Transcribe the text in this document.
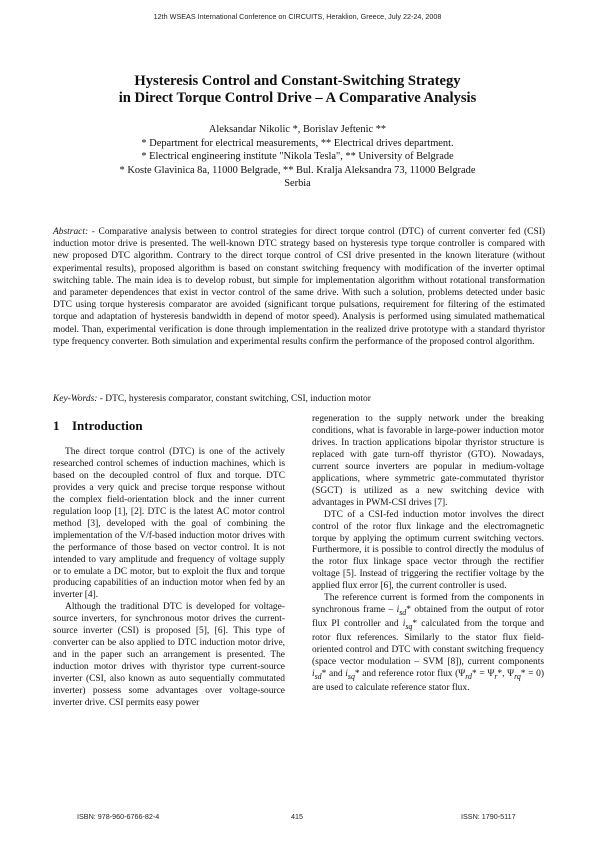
12th WSEAS International Conference on CIRCUITS, Heraklion, Greece, July 22-24, 2008
Hysteresis Control and Constant-Switching Strategy
in Direct Torque Control Drive – A Comparative Analysis
Aleksandar Nikolic *, Borislav Jeftenic **
* Department for electrical measurements, ** Electrical drives department.
* Electrical engineering institute "Nikola Tesla", ** University of Belgrade
* Koste Glavinica 8a, 11000 Belgrade, ** Bul. Kralja Aleksandra 73, 11000 Belgrade
Serbia
Abstract: - Comparative analysis between to control strategies for direct torque control (DTC) of current converter fed (CSI) induction motor drive is presented. The well-known DTC strategy based on hysteresis type torque controller is compared with new proposed DTC algorithm. Contrary to the direct torque control of CSI drive presented in the known literature (without experimental results), proposed algorithm is based on constant switching frequency with modification of the inverter optimal switching table. The main idea is to develop robust, but simple for implementation algorithm without rotational transformation and parameter dependences that exist in vector control of the same drive. With such a solution, problems detected under basic DTC using torque hysteresis comparator are avoided (significant torque pulsations, requirement for filtering of the estimated torque and adaptation of hysteresis bandwidth in depend of motor speed). Analysis is performed using simulated mathematical model. Than, experimental verification is done through implementation in the realized drive prototype with a standard thyristor type frequency converter. Both simulation and experimental results confirm the performance of the proposed control algorithm.
Key-Words: - DTC, hysteresis comparator, constant switching, CSI, induction motor
1 Introduction

The direct torque control (DTC) is one of the actively researched control schemes of induction machines, which is based on the decoupled control of flux and torque. DTC provides a very quick and precise torque response without the complex field-orientation block and the inner current regulation loop [1], [2]. DTC is the latest AC motor control method [3], developed with the goal of combining the implementation of the V/f-based induction motor drives with the performance of those based on vector control. It is not intended to vary amplitude and frequency of voltage supply or to emulate a DC motor, but to exploit the flux and torque producing capabilities of an induction motor when fed by an inverter [4].

Although the traditional DTC is developed for voltage-source inverters, for synchronous motor drives the current-source inverter (CSI) is proposed [5], [6]. This type of converter can be also applied to DTC induction motor drive, and in the paper such an arrangement is presented. The induction motor drives with thyristor type current-source inverter (CSI, also known as auto sequentially commutated inverter) possess some advantages over voltage-source inverter drive. CSI permits easy power

regeneration to the supply network under the breaking conditions, what is favorable in large-power induction motor drives. In traction applications bipolar thyristor structure is replaced with gate turn-off thyristor (GTO). Nowadays, current source inverters are popular in medium-voltage applications, where symmetric gate-commutated thyristor (SGCT) is utilized as a new switching device with advantages in PWM-CSI drives [7].

DTC of a CSI-fed induction motor involves the direct control of the rotor flux linkage and the electromagnetic torque by applying the optimum current switching vectors. Furthermore, it is possible to control directly the modulus of the rotor flux linkage space vector through the rectifier voltage [5]. Instead of triggering the rectifier voltage by the applied flux error [6], the current controller is used.

The reference current is formed from the components in synchronous frame – $i_{sd}*$ obtained from the output of rotor flux PI controller and $i_{sq}*$ calculated from the torque and rotor flux references. Similarly to the stator flux field-oriented control and DTC with constant switching frequency (space vector modulation – SVM [8]), current components $i_{sd}*$ and $i_{sq}*$ and reference rotor flux ($\Psi_{rd}* = \Psi_r*$, $\Psi_{rq}* = 0$) are used to calculate reference stator flux.

ISBN: 978-960-6766-82-4	415	ISSN: 1790-5117
